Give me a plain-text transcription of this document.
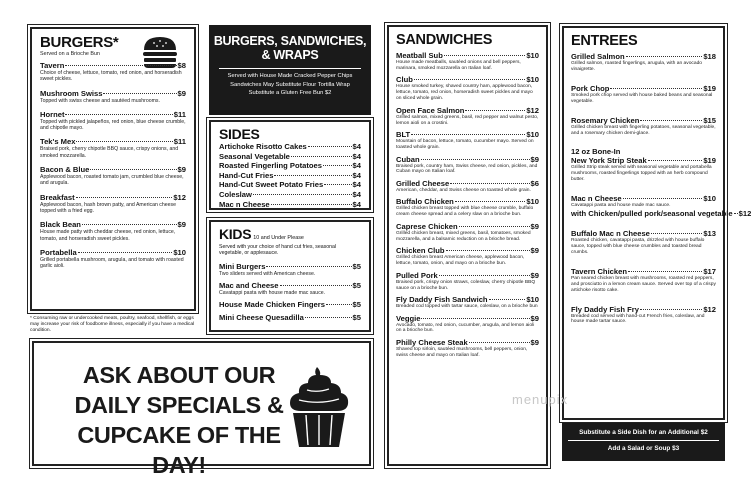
BURGERS*
Served on a Brioche Bun
Tavern	$8
Choice of cheese, lettuce, tomato, red onion, and horseradish sweet pickles.
Mushroom Swiss	$9
Topped with swiss cheese and sautéed mushrooms.
Hornet	$11
Topped with pickled jalapeños, red onion, blue cheese crumble, and chipotle mayo.
Tek's Mex	$11
Braised pork, cherry chipotle BBQ sauce, crispy onions, and smoked mozzarella.
Bacon & Blue	$9
Applewood bacon, roasted tomato jam, crumbled blue cheese, and arugula.
Breakfast	$12
Applewood bacon, hash brown patty, and American cheese topped with a fried egg.
Black Bean	$9
House made patty with cheddar cheese, red onion, lettuce, tomato, and horseradish sweet pickles.
Portabella	$10
Grilled portabella mushroom, arugula, and tomato with roasted garlic aioli.
* Consuming raw or undercooked meats, poultry, seafood, shellfish, or eggs may increase your risk of foodborne illness, especially if you have a medical condition.
BURGERS, SANDWICHES,
& WRAPS
Served with House Made Cracked Pepper Chips
Sandwiches May Substitute Flour Tortilla Wrap
Substitute a Gluten Free Bun $2
SIDES
Artichoke Risotto Cakes	$4
Seasonal Vegetable	$4
Roasted Fingerling Potatoes	$4
Hand-Cut Fries	$4
Hand-Cut Sweet Potato Fries	$4
Coleslaw	$4
Mac n Cheese	$4
KIDS 10 and Under Please
Served with your choice of hand cut fries, seasonal vegetable, or applesauce.
Mini Burgers	$5
Two sliders served with American cheese.
Mac and Cheese	$5
Cavatappi pasta with house made mac sauce.
House Made Chicken Fingers	$5
Mini Cheese Quesadilla	$5
ASK ABOUT OUR
DAILY SPECIALS &
CUPCAKE OF THE DAY!
SANDWICHES
Meatball Sub	$10
House made meatballs, sautéed onions and bell peppers, marinara, smoked mozzarella on Italian loaf.
Club	$10
House smoked turkey, shaved country ham, applewood bacon, lettuce, tomato, red onion, horseradish sweet pickles and mayo on sliced whole grain.
Open Face Salmon	$12
Grilled salmon, mixed greens, basil, red pepper and walnut pesto, lemon aioli on a crostini.
BLT	$10
Mountain of bacon, lettuce, tomato, cucumber mayo. Served on toasted whole grain.
Cuban	$9
Braised pork, country ham, Swiss cheese, red onion, pickles, and Cuban mayo on Italian loaf.
Grilled Cheese	$6
American, cheddar, and Swiss cheese on toasted whole grain.
Buffalo Chicken	$10
Grilled chicken breast topped with blue cheese crumble, buffalo cream cheese spread and a celery slaw on a brioche bun.
Caprese Chicken	$9
Grilled chicken breast, mixed greens, basil, tomatoes, smoked mozzarella, and a balsamic reduction on a brioche bread.
Chicken Club	$9
Grilled chicken breast American cheese, applewood bacon, lettuce, tomato, onion, and mayo on a brioche bun.
Pulled Pork	$9
Braised pork, crispy onion straws, coleslaw, cherry chipotle BBQ sauce on a brioche bun.
Fly Daddy Fish Sandwich	$10
Breaded cod topped with tartar sauce, coleslaw, on a brioche bun
Veggie	$9
Avocado, tomato, red onion, cucumber, arugula, and lemon aioli on a brioche bun.
Philly Cheese Steak	$9
Shaved top sirloin, sautéed mushrooms, bell peppers, onion, swiss cheese and mayo on Italian loaf.
ENTREES
Grilled Salmon	$18
Grilled salmon, roasted fingerlings, arugula, with an avocado vinaigrette.
Pork Chop	$19
Smoked pork chop served with house baked beans and seasonal vegetable.
Rosemary Chicken	$15
Grilled chicken breast with fingerling potatoes, seasonal vegetable, and a rosemary chicken demi-glace.
12 oz Bone-In
New York Strip Steak	$19
Grilled Strip steak served with seasonal vegetable and portabella mushrooms, roasted fingerlings topped with an herb compound butter.
Mac n Cheese	$10
Cavatappi pasta and house made mac sauce.
with Chicken/pulled pork/seasonal vegetable $12
Buffalo Mac n Cheese	$13
Roasted chicken, cavatappi pasta, drizzled with house buffalo sauce, topped with blue cheese crumbles and toasted bread crumbs.
Tavern Chicken	$17
Pan seared chicken breast with mushrooms, roasted red peppers, and prosciutto in a lemon cream sauce. Served over top of a crispy artichoke risotto cake.
Fly Daddy Fish Fry	$12
Breaded cod served with hand-cut French fries, coleslaw, and house made tartar sauce.
Substitute a Side Dish for an Additional $2
Add a Salad or Soup $3
menupix
